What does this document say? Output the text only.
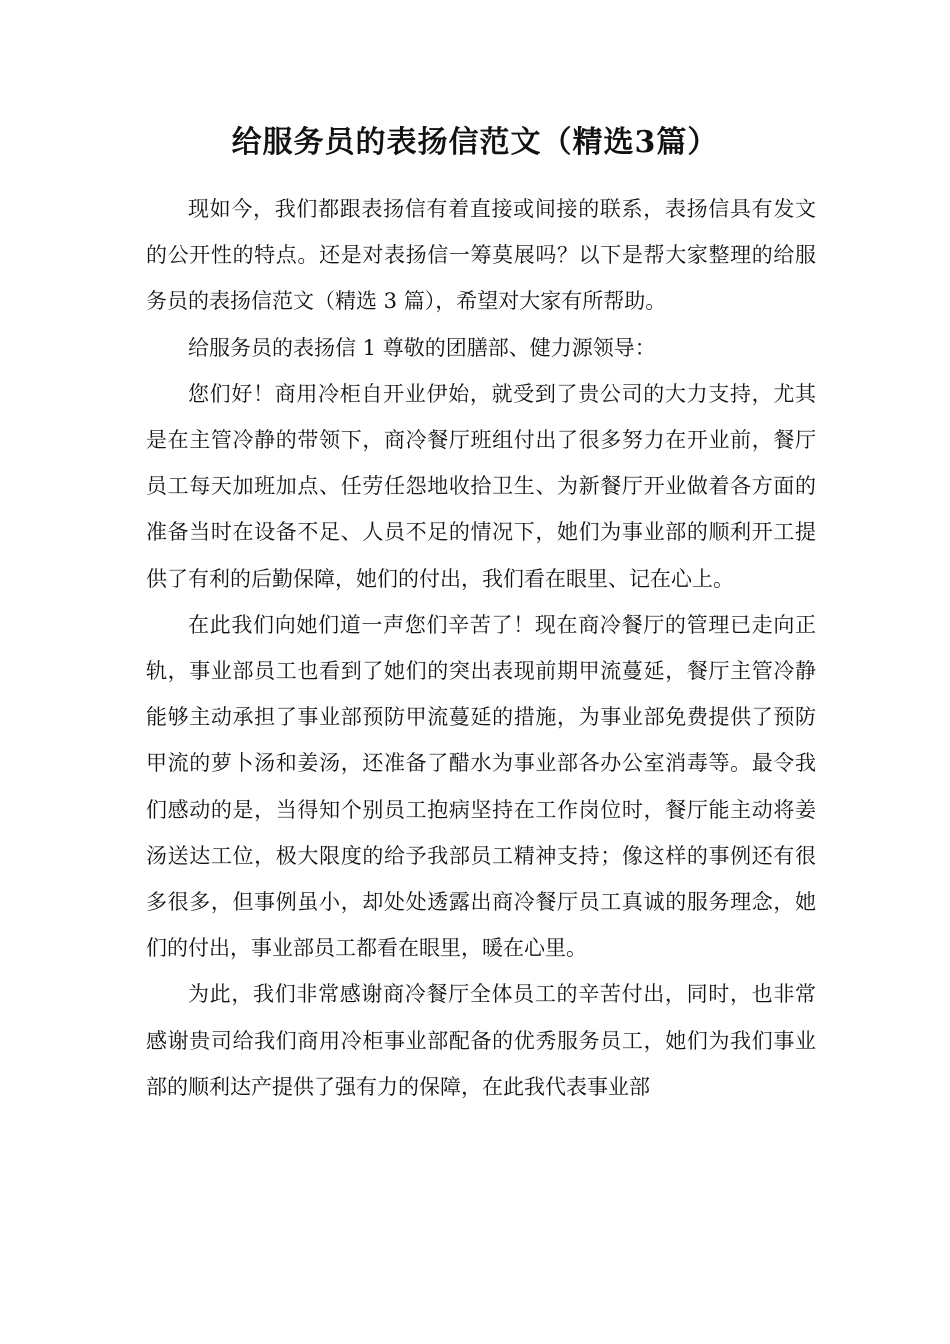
给服务员的表扬信范文（精选3篇）

现如今，我们都跟表扬信有着直接或间接的联系，表扬信具有发文的公开性的特点。还是对表扬信一筹莫展吗？以下是帮大家整理的给服务员的表扬信范文（精选 3 篇），希望对大家有所帮助。

给服务员的表扬信 1 尊敬的团膳部、健力源领导：

您们好！商用冷柜自开业伊始，就受到了贵公司的大力支持，尤其是在主管冷静的带领下，商冷餐厅班组付出了很多努力在开业前，餐厅员工每天加班加点、任劳任怨地收拾卫生、为新餐厅开业做着各方面的准备当时在设备不足、人员不足的情况下，她们为事业部的顺利开工提供了有利的后勤保障，她们的付出，我们看在眼里、记在心上。

在此我们向她们道一声您们辛苦了！现在商冷餐厅的管理已走向正轨，事业部员工也看到了她们的突出表现前期甲流蔓延，餐厅主管冷静能够主动承担了事业部预防甲流蔓延的措施，为事业部免费提供了预防甲流的萝卜汤和姜汤，还准备了醋水为事业部各办公室消毒等。最令我们感动的是，当得知个别员工抱病坚持在工作岗位时，餐厅能主动将姜汤送达工位，极大限度的给予我部员工精神支持；像这样的事例还有很多很多，但事例虽小，却处处透露出商冷餐厅员工真诚的服务理念，她们的付出，事业部员工都看在眼里，暖在心里。

为此，我们非常感谢商冷餐厅全体员工的辛苦付出，同时，也非常感谢贵司给我们商用冷柜事业部配备的优秀服务员工，她们为我们事业部的顺利达产提供了强有力的保障，在此我代表事业部
